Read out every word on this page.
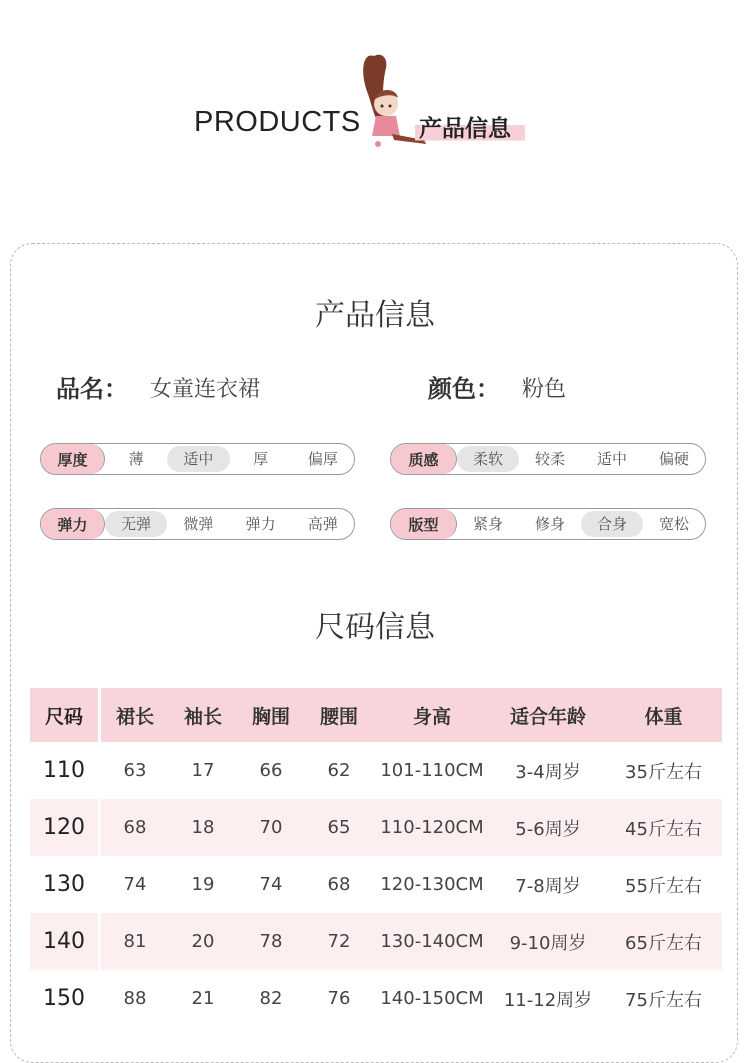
PRODUCTS	产品信息
产品信息
品名： 女童连衣裙	颜色： 粉色
厚度	薄	适中	厚	偏厚	质感	柔软	较柔	适中	偏硬
弹力	无弹	微弹	弹力	高弹	版型	紧身	修身	合身	宽松
尺码信息
尺码	裙长	袖长	胸围	腰围	身高	适合年龄	体重
110	63	17	66	62	101-110CM	3-4周岁	35斤左右
120	68	18	70	65	110-120CM	5-6周岁	45斤左右
130	74	19	74	68	120-130CM	7-8周岁	55斤左右
140	81	20	78	72	130-140CM	9-10周岁	65斤左右
150	88	21	82	76	140-150CM	11-12周岁	75斤左右
